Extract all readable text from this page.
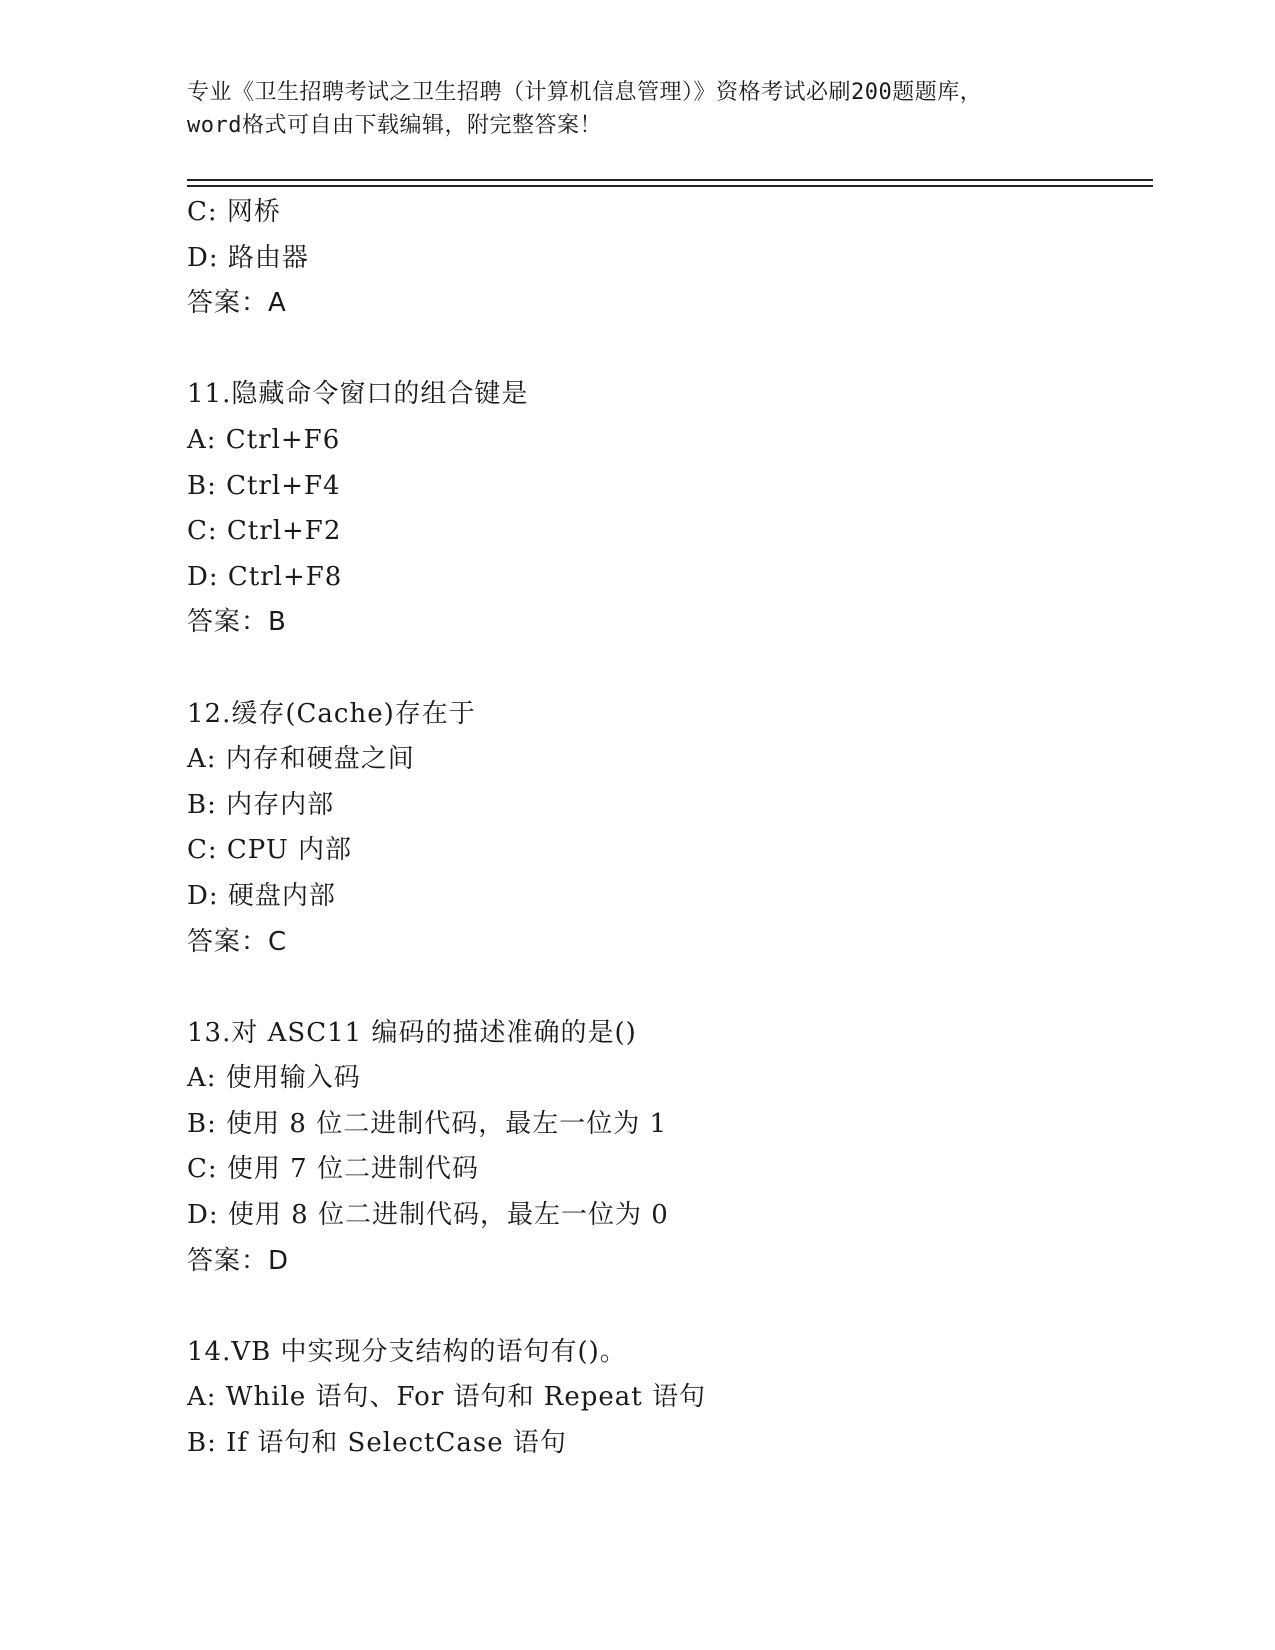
专业《卫生招聘考试之卫生招聘（计算机信息管理）》资格考试必刷200题题库，
word格式可自由下载编辑，附完整答案！
C: 网桥
D: 路由器
答案：A
11.隐藏命令窗口的组合键是
A: Ctrl+F6
B: Ctrl+F4
C: Ctrl+F2
D: Ctrl+F8
答案：B
12.缓存(Cache)存在于
A: 内存和硬盘之间
B: 内存内部
C: CPU 内部
D: 硬盘内部
答案：C
13.对 ASC11 编码的描述准确的是()
A: 使用输入码
B: 使用 8 位二进制代码，最左一位为 1
C: 使用 7 位二进制代码
D: 使用 8 位二进制代码，最左一位为 0
答案：D
14.VB 中实现分支结构的语句有()。
A: While 语句、For 语句和 Repeat 语句
B: If 语句和 SelectCase 语句
